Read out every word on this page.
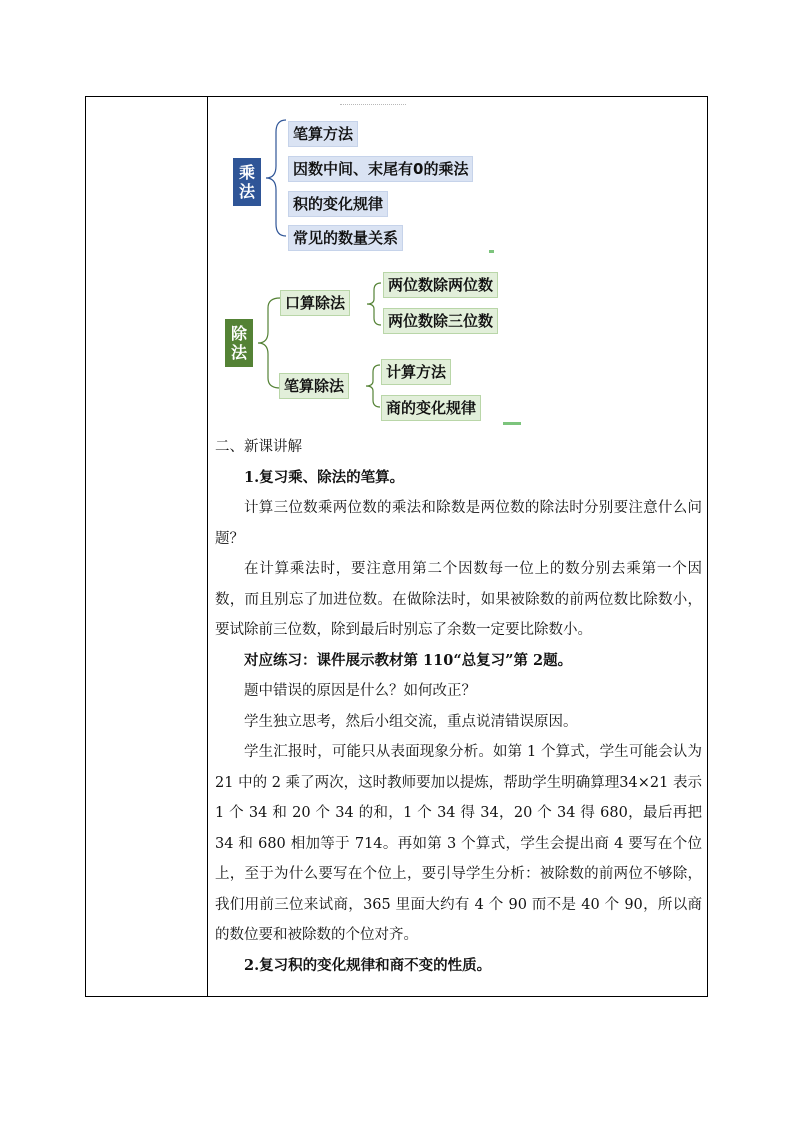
乘
法
笔算方法
因数中间、末尾有0的乘法
积的变化规律
常见的数量关系
除
法
口算除法
两位数除两位数
两位数除三位数
笔算除法
计算方法
商的变化规律

二、新课讲解

1.复习乘、除法的笔算。

计算三位数乘两位数的乘法和除数是两位数的除法时分别要注意什么问题？

在计算乘法时，要注意用第二个因数每一位上的数分别去乘第一个因数，而且别忘了加进位数。在做除法时，如果被除数的前两位数比除数小，要试除前三位数，除到最后时别忘了余数一定要比除数小。

对应练习：课件展示教材第 110“总复习”第 2题。

题中错误的原因是什么？如何改正？

学生独立思考，然后小组交流，重点说清错误原因。

学生汇报时，可能只从表面现象分析。如第 1 个算式，学生可能会认为 21 中的 2 乘了两次，这时教师要加以提炼，帮助学生明确算理34×21 表示 1 个 34 和 20 个 34 的和，1 个 34 得 34，20 个 34 得 680，最后再把 34 和 680 相加等于 714。再如第 3 个算式，学生会提出商 4 要写在个位上，至于为什么要写在个位上，要引导学生分析：被除数的前两位不够除，我们用前三位来试商，365 里面大约有 4 个 90 而不是 40 个 90，所以商的数位要和被除数的个位对齐。

2.复习积的变化规律和商不变的性质。
